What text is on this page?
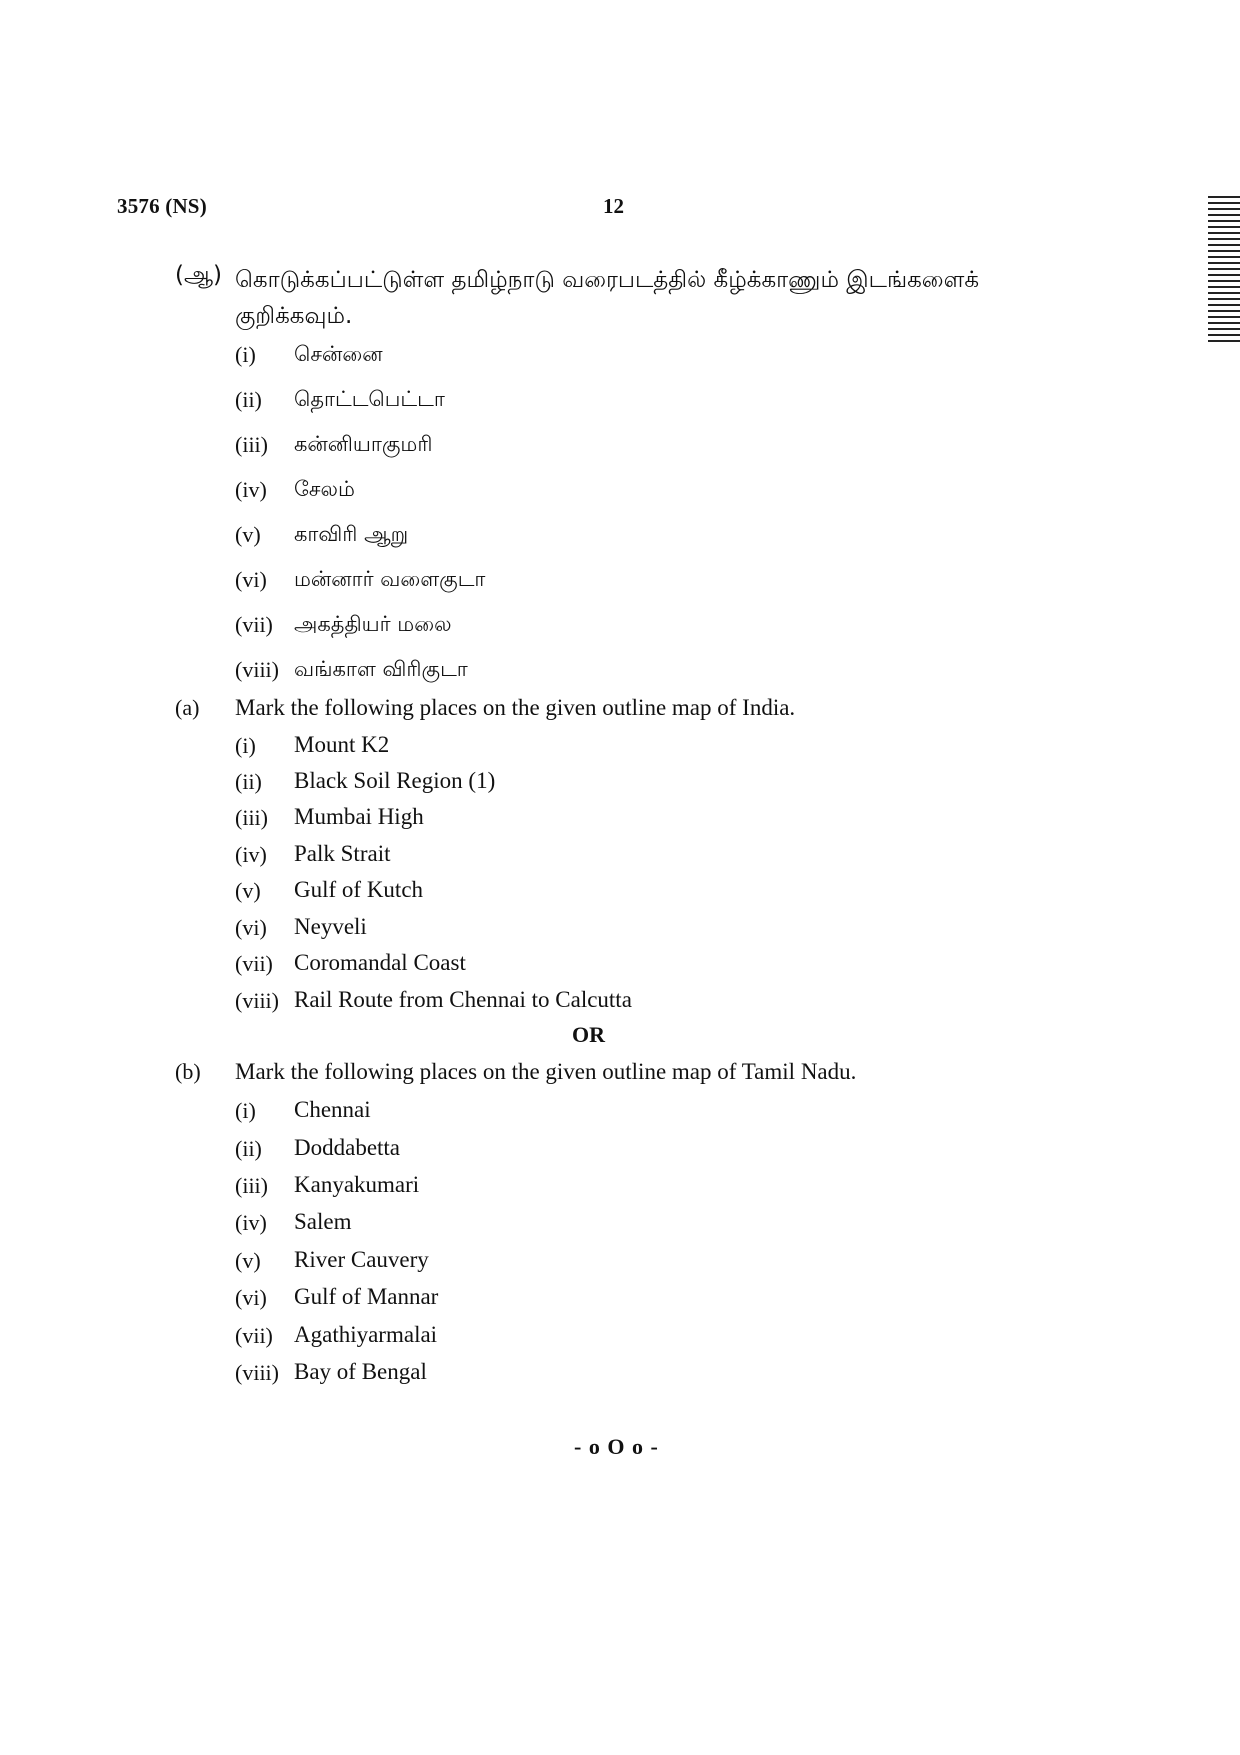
3576 (NS)	12
(ஆ) கொடுக்கப்பட்டுள்ள தமிழ்நாடு வரைபடத்தில் கீழ்க்காணும் இடங்களைக் குறிக்கவும்.
(i) சென்னை
(ii) தொட்டபெட்டா
(iii) கன்னியாகுமரி
(iv) சேலம்
(v) காவிரி ஆறு
(vi) மன்னார் வளைகுடா
(vii) அகத்தியர் மலை
(viii) வங்காள விரிகுடா
(a) Mark the following places on the given outline map of India.
(i) Mount K2
(ii) Black Soil Region (1)
(iii) Mumbai High
(iv) Palk Strait
(v) Gulf of Kutch
(vi) Neyveli
(vii) Coromandal Coast
(viii) Rail Route from Chennai to Calcutta
OR
(b) Mark the following places on the given outline map of Tamil Nadu.
(i) Chennai
(ii) Doddabetta
(iii) Kanyakumari
(iv) Salem
(v) River Cauvery
(vi) Gulf of Mannar
(vii) Agathiyarmalai
(viii) Bay of Bengal
- o O o -
